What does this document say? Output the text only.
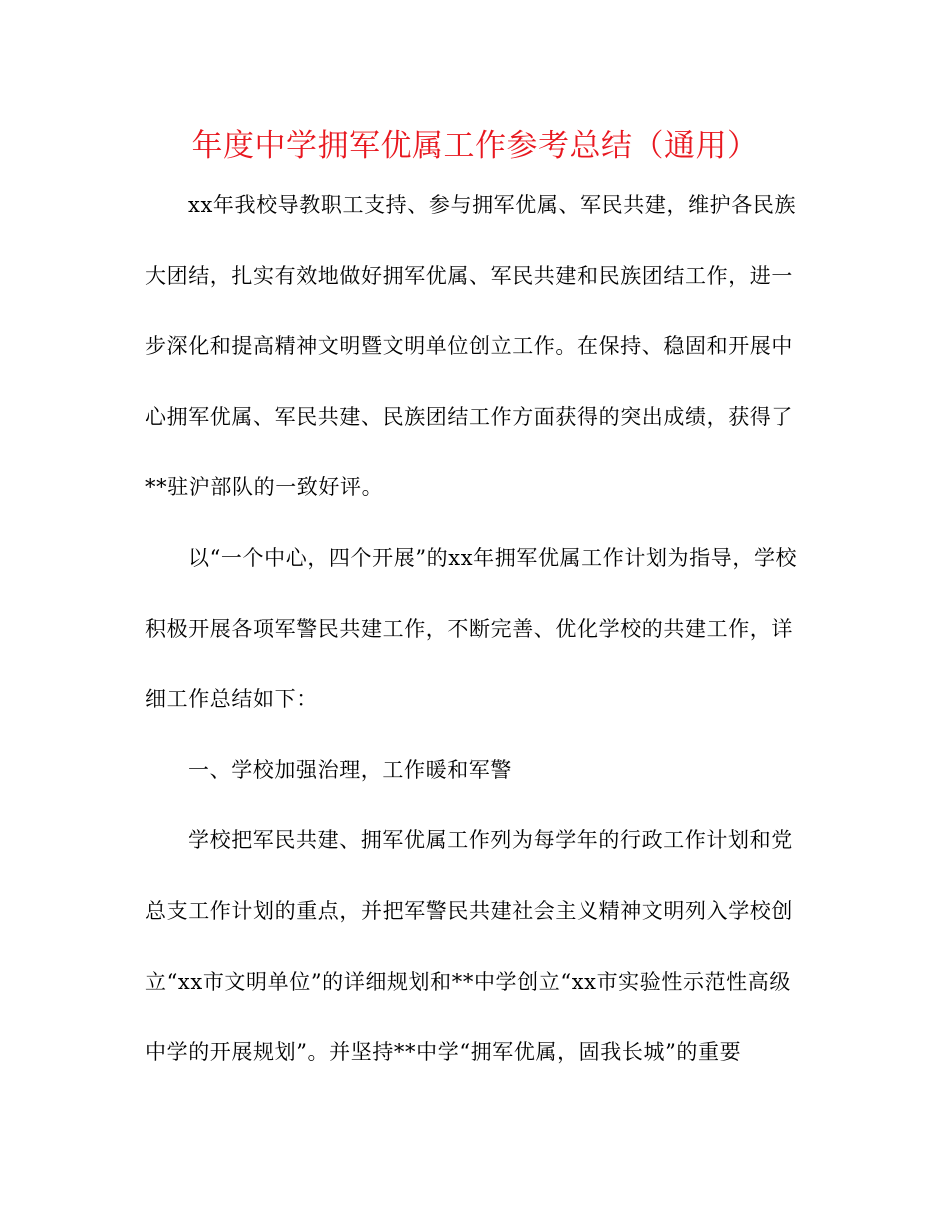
年度中学拥军优属工作参考总结（通用）

xx年我校导教职工支持、参与拥军优属、军民共建，维护各民族大团结，扎实有效地做好拥军优属、军民共建和民族团结工作，进一步深化和提高精神文明暨文明单位创立工作。在保持、稳固和开展中心拥军优属、军民共建、民族团结工作方面获得的突出成绩，获得了**驻沪部队的一致好评。

以“一个中心，四个开展”的xx年拥军优属工作计划为指导，学校积极开展各项军警民共建工作，不断完善、优化学校的共建工作，详细工作总结如下：

一、学校加强治理，工作暖和军警

学校把军民共建、拥军优属工作列为每学年的行政工作计划和党总支工作计划的重点，并把军警民共建社会主义精神文明列入学校创立“xx市文明单位”的详细规划和**中学创立“xx市实验性示范性高级中学的开展规划”。并坚持**中学“拥军优属，固我长城”的重要
